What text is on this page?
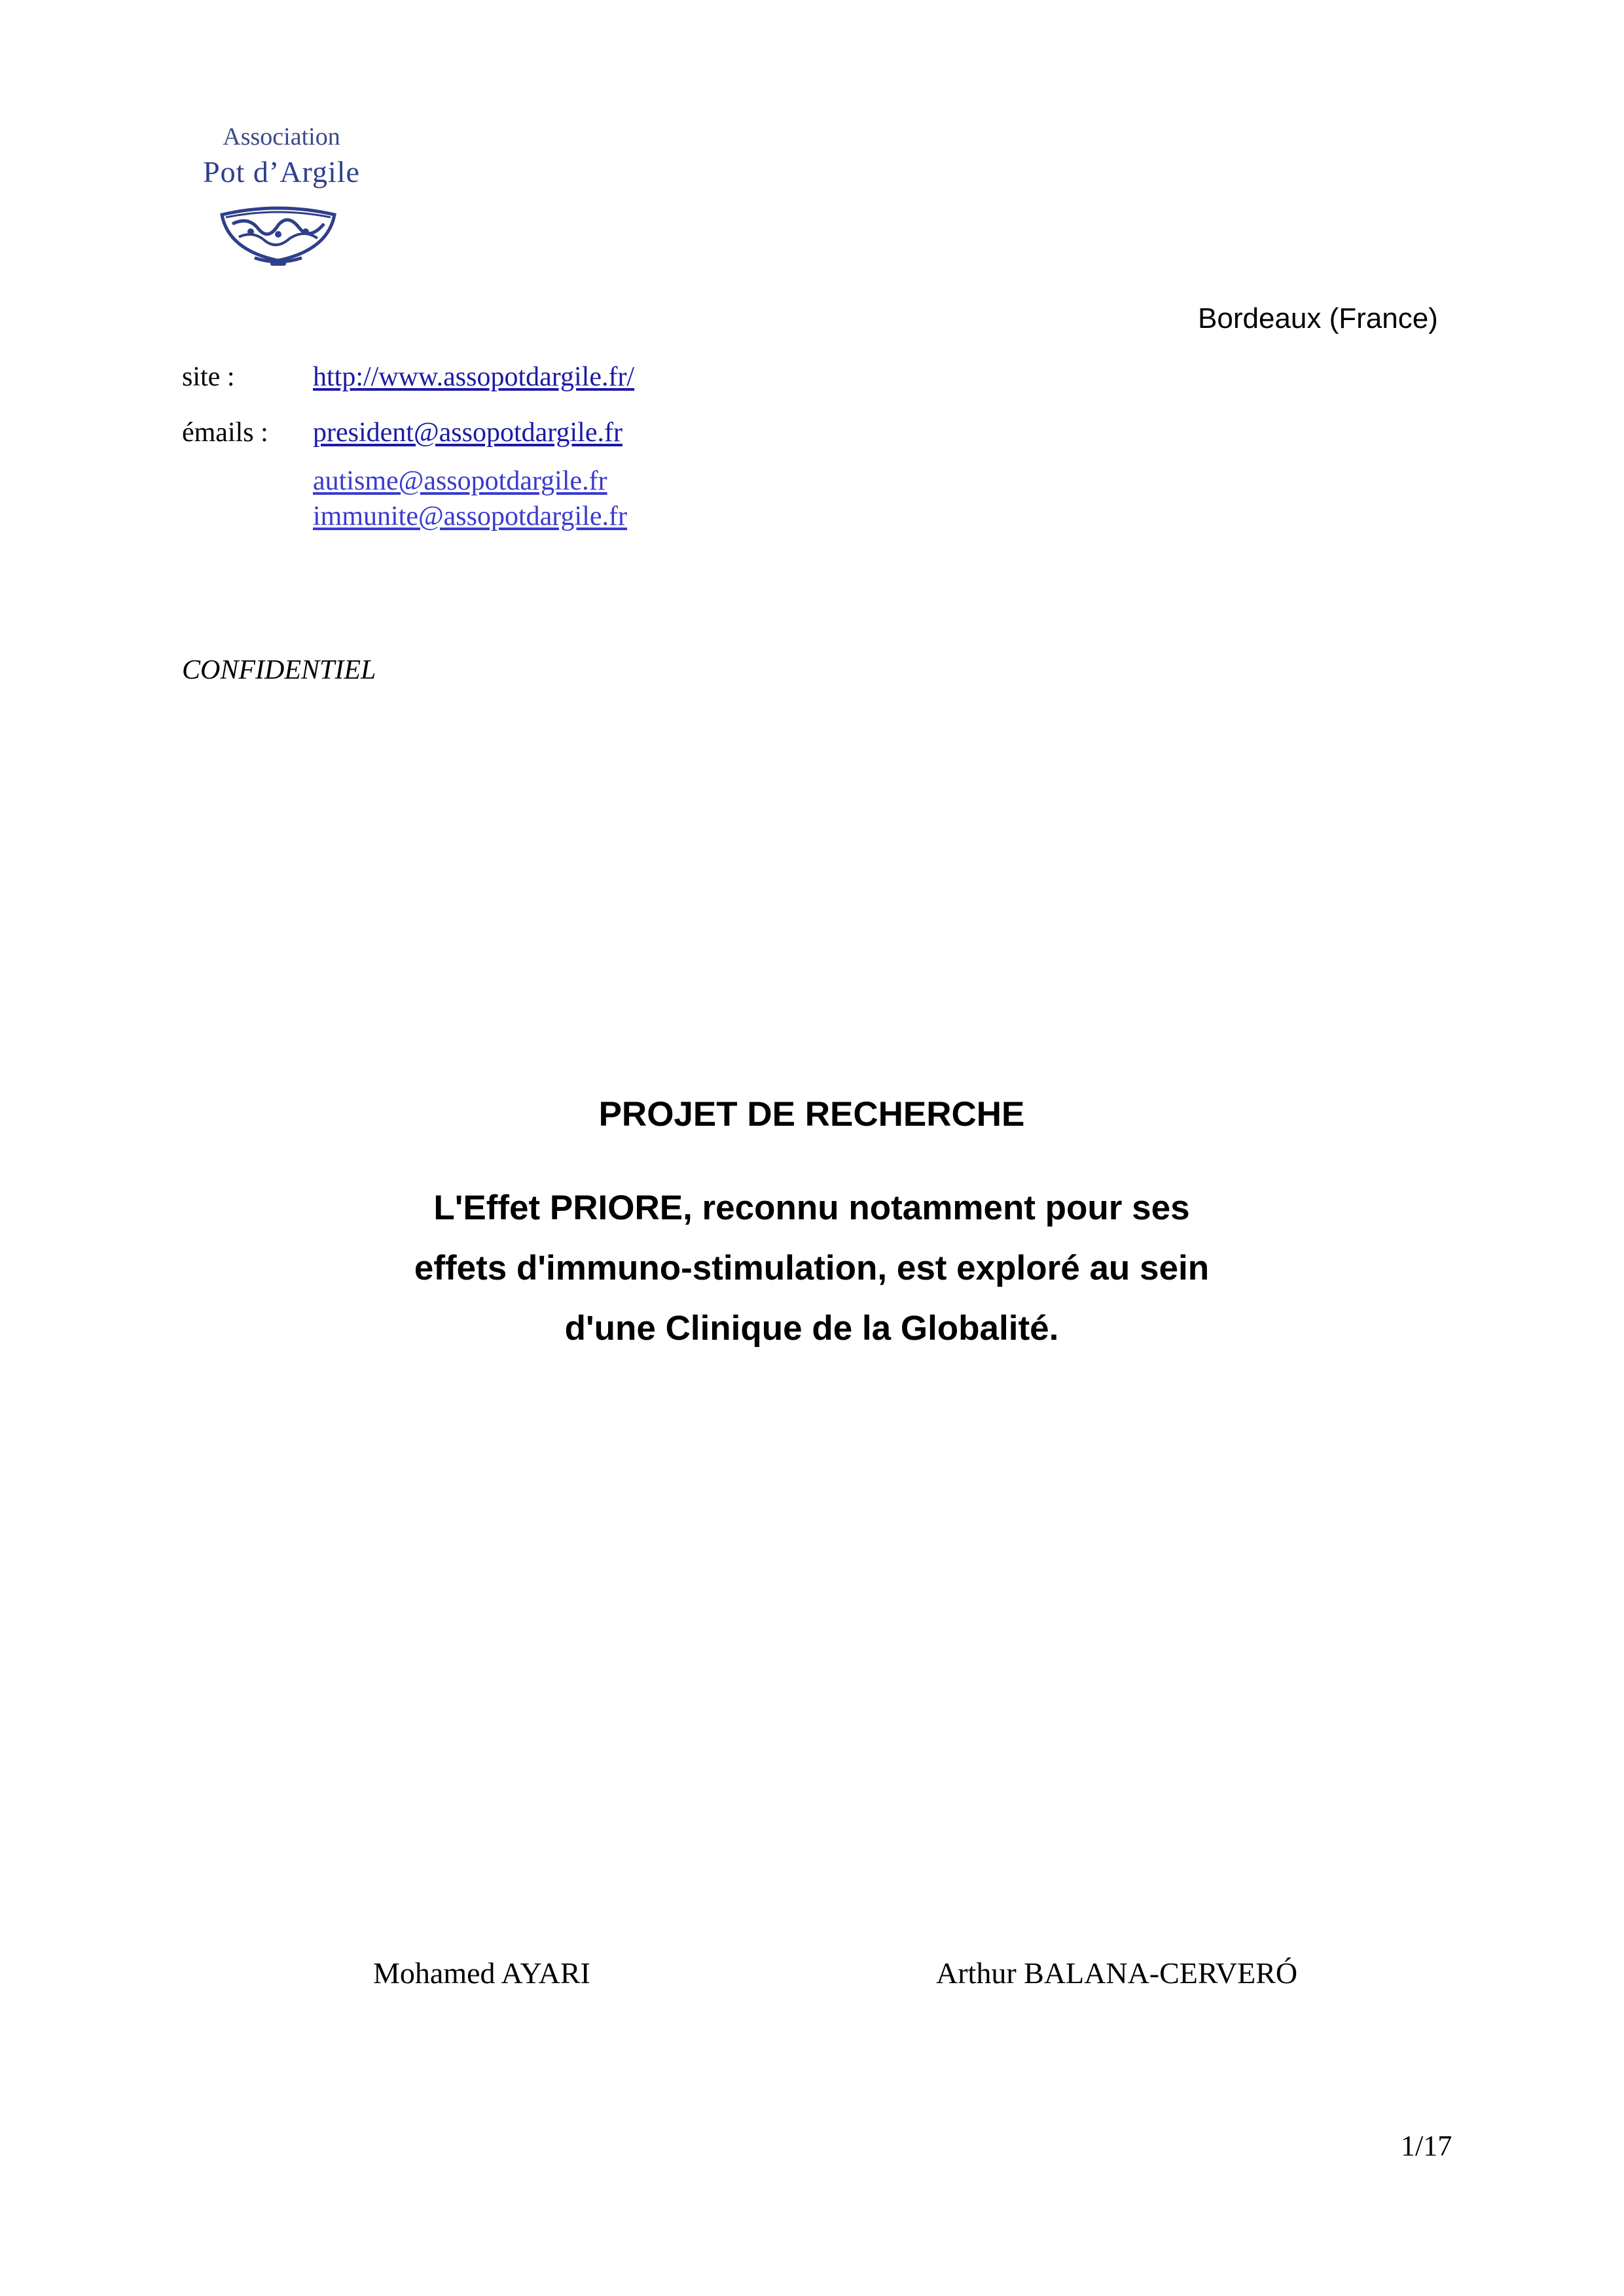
Association
Pot d’Argile
Bordeaux (France)
site :	http://www.assopotdargile.fr/
émails : president@assopotdargile.fr
autisme@assopotdargile.fr
immunite@assopotdargile.fr
CONFIDENTIEL
PROJET DE RECHERCHE
L'Effet PRIORE, reconnu notamment pour ses
effets d'immuno-stimulation, est exploré au sein
d'une Clinique de la Globalité.
Mohamed AYARI	Arthur BALANA-CERVERÓ
1/17
